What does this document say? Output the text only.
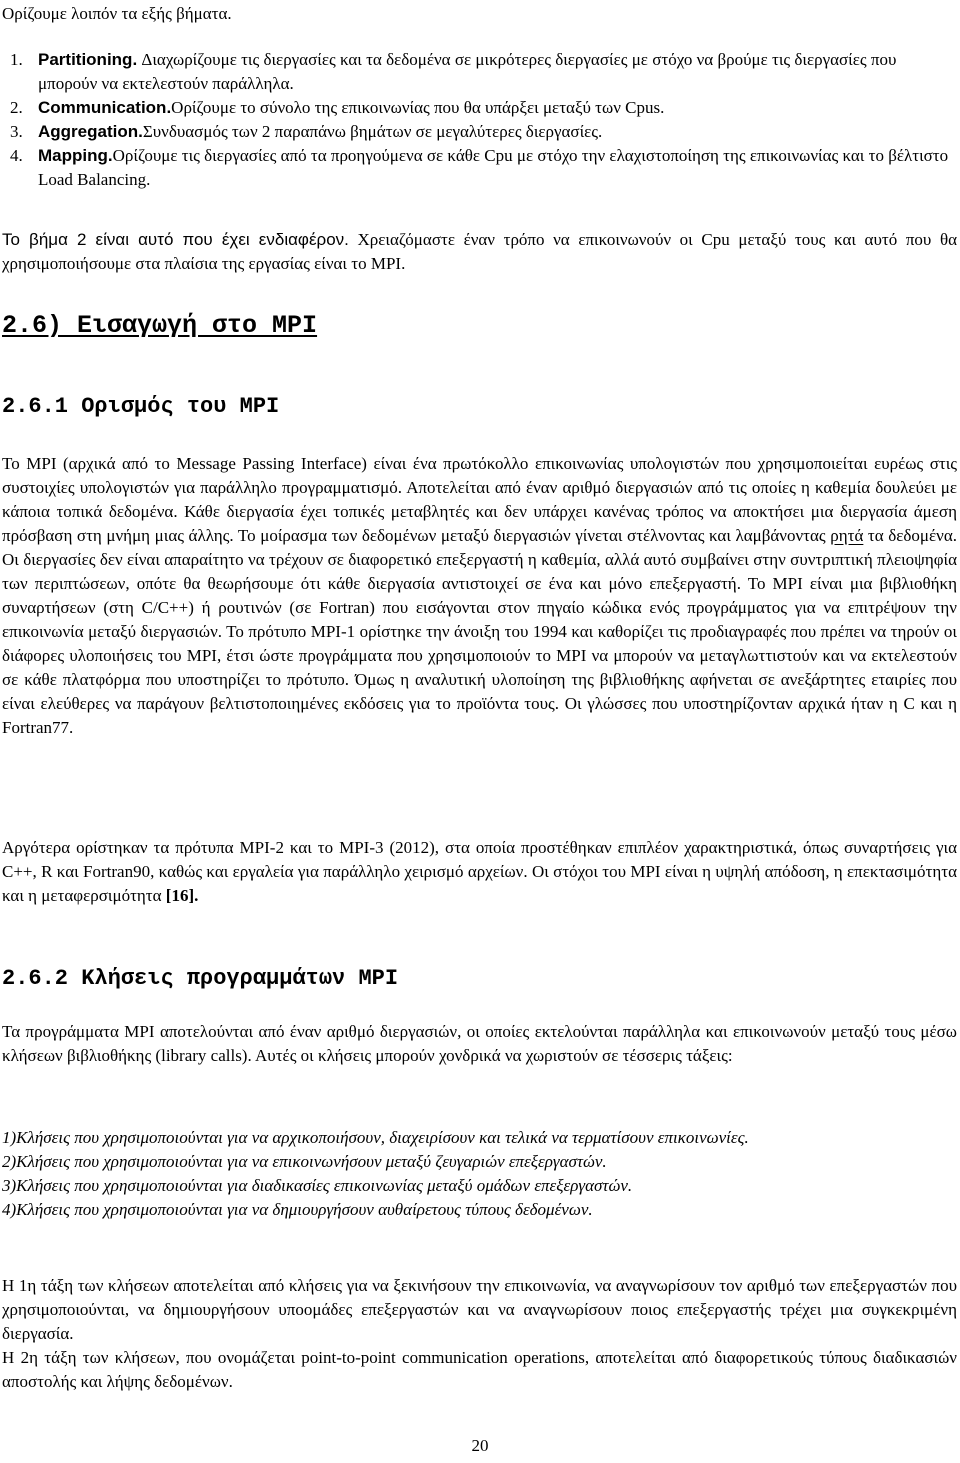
Ορίζουμε λοιπόν τα εξής βήματα.

1. Partitioning. Διαχωρίζουμε τις διεργασίες και τα δεδομένα σε μικρότερες διεργασίες με στόχο να βρούμε τις διεργασίες που μπορούν να εκτελεστούν παράλληλα.

2. Communication.Ορίζουμε το σύνολο της επικοινωνίας που θα υπάρξει μεταξύ των Cpus.

3. Aggregation.Συνδυασμός των 2 παραπάνω βημάτων σε μεγαλύτερες διεργασίες.

4. Mapping.Ορίζουμε τις διεργασίες από τα προηγούμενα σε κάθε Cpu με στόχο την ελαχιστοποίηση της επικοινωνίας και το βέλτιστο Load Balancing.

Το βήμα 2 είναι αυτό που έχει ενδιαφέρον. Χρειαζόμαστε έναν τρόπο να επικοινωνούν οι Cpu μεταξύ τους και αυτό που θα χρησιμοποιήσουμε στα πλαίσια της εργασίας είναι το MPI.

2.6) Εισαγωγή στο MPI
2.6.1 Ορισμός του MPI

Το MPI (αρχικά από το Message Passing Interface) είναι ένα πρωτόκολλο επικοινωνίας υπολογιστών που χρησιμοποιείται ευρέως στις συστοιχίες υπολογιστών για παράλληλο προγραμματισμό. Αποτελείται από έναν αριθμό διεργασιών από τις οποίες η καθεμία δουλεύει με κάποια τοπικά δεδομένα. Κάθε διεργασία έχει τοπικές μεταβλητές και δεν υπάρχει κανένας τρόπος να αποκτήσει μια διεργασία άμεση πρόσβαση στη μνήμη μιας άλλης. Το μοίρασμα των δεδομένων μεταξύ διεργασιών γίνεται στέλνοντας και λαμβάνοντας ρητά τα δεδομένα. Οι διεργασίες δεν είναι απαραίτητο να τρέχουν σε διαφορετικό επεξεργαστή η καθεμία, αλλά αυτό συμβαίνει στην συντριπτική πλειοψηφία των περιπτώσεων, οπότε θα θεωρήσουμε ότι κάθε διεργασία αντιστοιχεί σε ένα και μόνο επεξεργαστή. Το MPI είναι μια βιβλιοθήκη συναρτήσεων (στη C/C++) ή ρουτινών (σε Fortran) που εισάγονται στον πηγαίο κώδικα ενός προγράμματος για να επιτρέψουν την επικοινωνία μεταξύ διεργασιών. Το πρότυπο MPI-1 ορίστηκε την άνοιξη του 1994 και καθορίζει τις προδιαγραφές που πρέπει να τηρούν οι διάφορες υλοποιήσεις του MPI, έτσι ώστε προγράμματα που χρησιμοποιούν το MPI να μπορούν να μεταγλωττιστούν και να εκτελεστούν σε κάθε πλατφόρμα που υποστηρίζει το πρότυπο. Όμως η αναλυτική υλοποίηση της βιβλιοθήκης αφήνεται σε ανεξάρτητες εταιρίες που είναι ελεύθερες να παράγουν βελτιστοποιημένες εκδόσεις για το προϊόντα τους. Οι γλώσσες που υποστηρίζονταν αρχικά ήταν η C και η Fortran77.

Αργότερα ορίστηκαν τα πρότυπα MPI-2 και το MPI-3 (2012), στα οποία προστέθηκαν επιπλέον χαρακτηριστικά, όπως συναρτήσεις για C++, R και Fortran90, καθώς και εργαλεία για παράλληλο χειρισμό αρχείων. Οι στόχοι του MPI είναι η υψηλή απόδοση, η επεκτασιμότητα και η μεταφερσιμότητα [16].

2.6.2 Κλήσεις προγραμμάτων MPI

Τα προγράμματα MPI αποτελούνται από έναν αριθμό διεργασιών, οι οποίες εκτελούνται παράλληλα και επικοινωνούν μεταξύ τους μέσω κλήσεων βιβλιοθήκης (library calls). Αυτές οι κλήσεις μπορούν χονδρικά να χωριστούν σε τέσσερις τάξεις:

1)Κλήσεις που χρησιμοποιούνται για να αρχικοποιήσουν, διαχειρίσουν και τελικά να τερματίσουν επικοινωνίες.

2)Κλήσεις που χρησιμοποιούνται για να επικοινωνήσουν μεταξύ ζευγαριών επεξεργαστών.

3)Κλήσεις που χρησιμοποιούνται για διαδικασίες επικοινωνίας μεταξύ ομάδων επεξεργαστών.

4)Κλήσεις που χρησιμοποιούνται για να δημιουργήσουν αυθαίρετους τύπους δεδομένων.

Η 1η τάξη των κλήσεων αποτελείται από κλήσεις για να ξεκινήσουν την επικοινωνία, να αναγνωρίσουν τον αριθμό των επεξεργαστών που χρησιμοποιούνται, να δημιουργήσουν υποομάδες επεξεργαστών και να αναγνωρίσουν ποιος επεξεργαστής τρέχει μια συγκεκριμένη διεργασία.

Η 2η τάξη των κλήσεων, που ονομάζεται point-to-point communication operations, αποτελείται από διαφορετικούς τύπους διαδικασιών αποστολής και λήψης δεδομένων.

20
